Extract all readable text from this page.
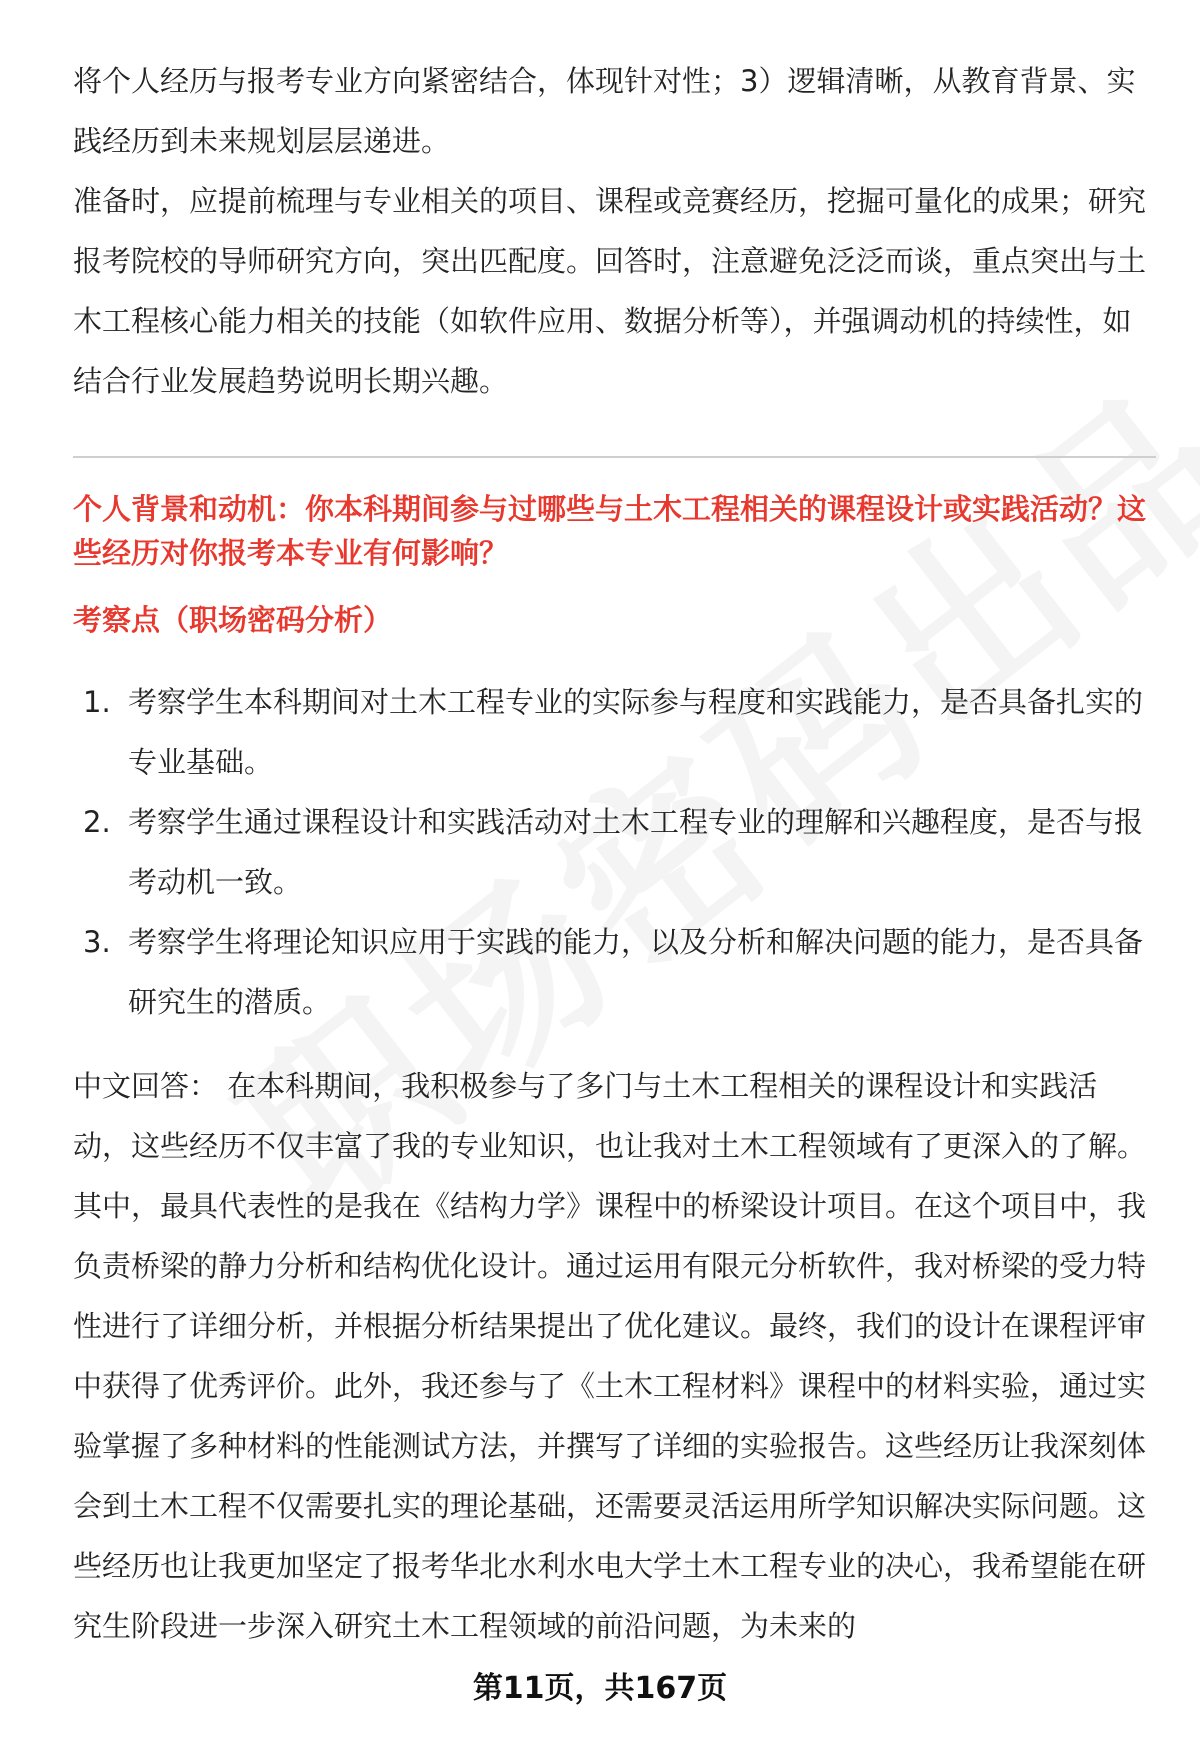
将个人经历与报考专业方向紧密结合，体现针对性；3）逻辑清晰，从教育背景、实践经历到未来规划层层递进。

准备时，应提前梳理与专业相关的项目、课程或竞赛经历，挖掘可量化的成果；研究报考院校的导师研究方向，突出匹配度。回答时，注意避免泛泛而谈，重点突出与土木工程核心能力相关的技能（如软件应用、数据分析等），并强调动机的持续性，如结合行业发展趋势说明长期兴趣。

个人背景和动机：你本科期间参与过哪些与土木工程相关的课程设计或实践活动？这些经历对你报考本专业有何影响？
考察点（职场密码分析）
1. 考察学生本科期间对土木工程专业的实际参与程度和实践能力，是否具备扎实的专业基础。
2. 考察学生通过课程设计和实践活动对土木工程专业的理解和兴趣程度，是否与报考动机一致。
3. 考察学生将理论知识应用于实践的能力，以及分析和解决问题的能力，是否具备研究生的潜质。

中文回答： 在本科期间，我积极参与了多门与土木工程相关的课程设计和实践活动，这些经历不仅丰富了我的专业知识，也让我对土木工程领域有了更深入的了解。其中，最具代表性的是我在《结构力学》课程中的桥梁设计项目。在这个项目中，我负责桥梁的静力分析和结构优化设计。通过运用有限元分析软件，我对桥梁的受力特性进行了详细分析，并根据分析结果提出了优化建议。最终，我们的设计在课程评审中获得了优秀评价。此外，我还参与了《土木工程材料》课程中的材料实验，通过实验掌握了多种材料的性能测试方法，并撰写了详细的实验报告。这些经历让我深刻体会到土木工程不仅需要扎实的理论基础，还需要灵活运用所学知识解决实际问题。这些经历也让我更加坚定了报考华北水利水电大学土木工程专业的决心，我希望能在研究生阶段进一步深入研究土木工程领域的前沿问题，为未来的

第11页，共167页
